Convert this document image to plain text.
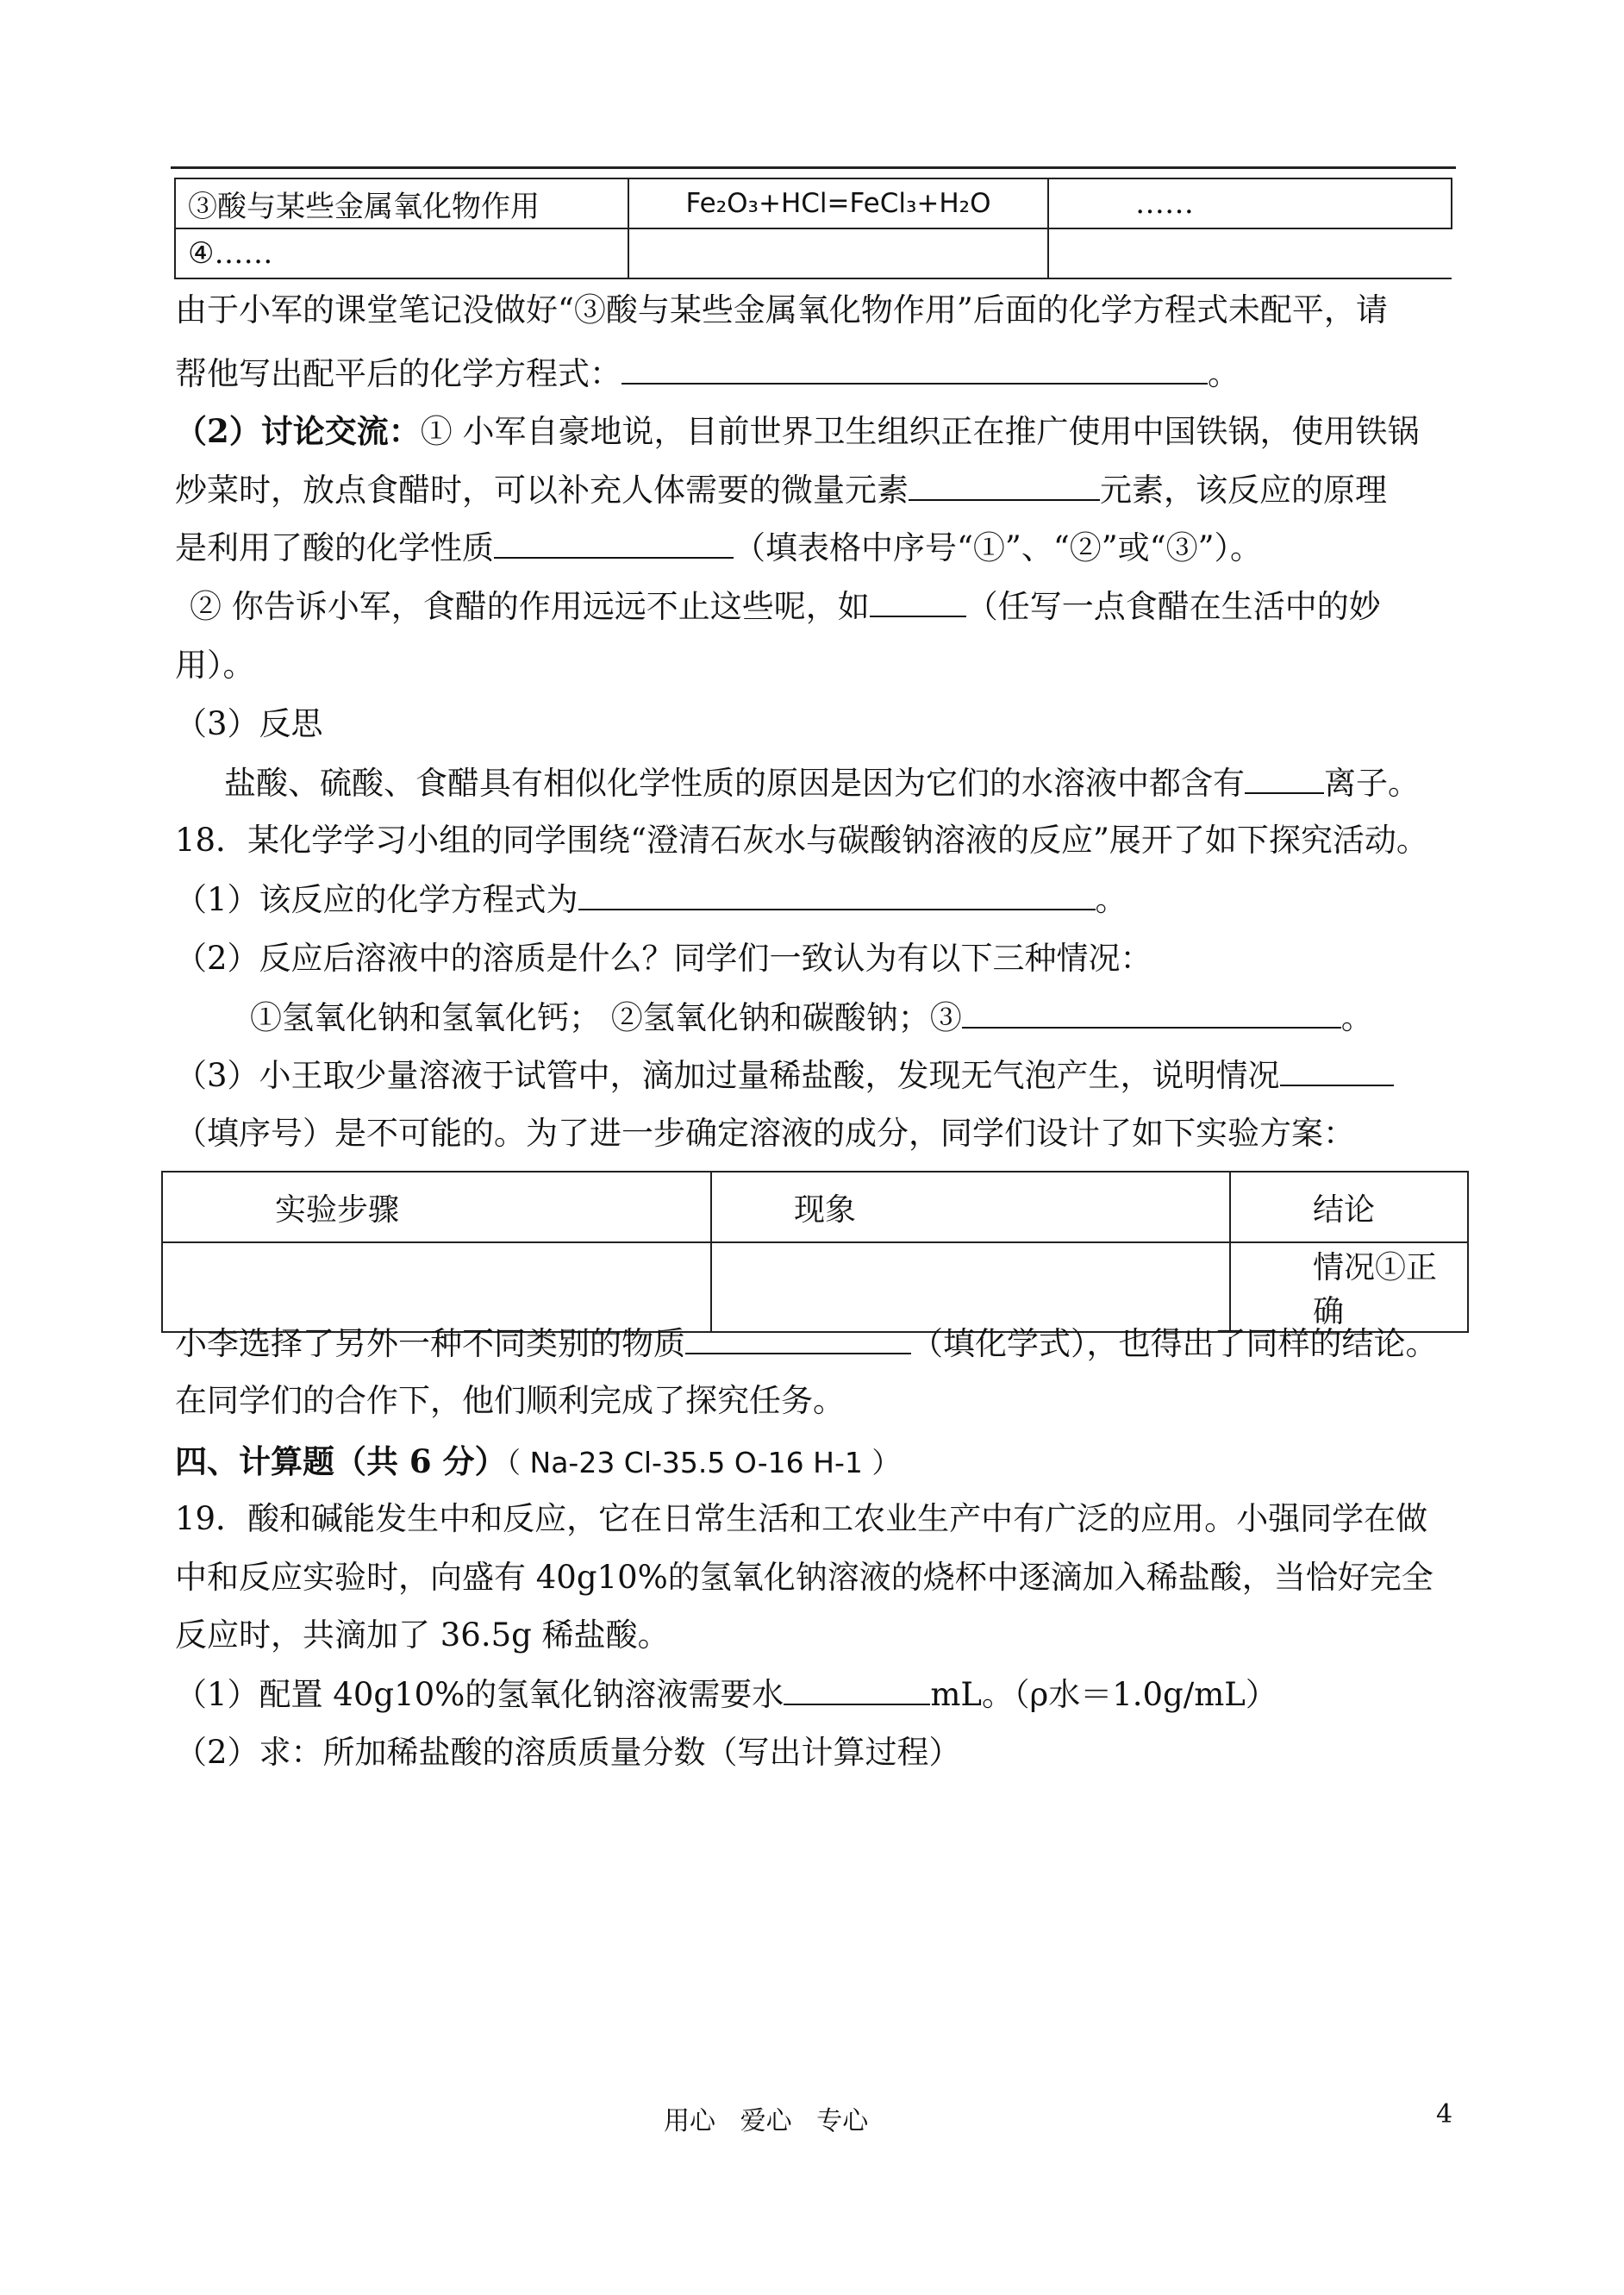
③酸与某些金属氧化物作用	Fe₂O₃+HCl=FeCl₃+H₂O	……
④……		
由于小军的课堂笔记没做好“③酸与某些金属氧化物作用”后面的化学方程式未配平，请
帮他写出配平后的化学方程式：	。
（2）讨论交流：① 小军自豪地说，目前世界卫生组织正在推广使用中国铁锅，使用铁锅
炒菜时，放点食醋时，可以补充人体需要的微量元素	元素，该反应的原理
是利用了酸的化学性质	（填表格中序号“①”、“②”或“③”）。
② 你告诉小军，食醋的作用远远不止这些呢，如	（任写一点食醋在生活中的妙
用）。
（3）反思
盐酸、硫酸、食醋具有相似化学性质的原因是因为它们的水溶液中都含有 离子。
18．某化学学习小组的同学围绕“澄清石灰水与碳酸钠溶液的反应”展开了如下探究活动。
（1）该反应的化学方程式为	。
（2）反应后溶液中的溶质是什么？同学们一致认为有以下三种情况：
①氢氧化钠和氢氧化钙； ②氢氧化钠和碳酸钠；③	。
（3）小王取少量溶液于试管中，滴加过量稀盐酸，发现无气泡产生，说明情况
（填序号）是不可能的。为了进一步确定溶液的成分，同学们设计了如下实验方案：
实验步骤	现象	结论
		情况①正确
小李选择了另外一种不同类别的物质	（填化学式），也得出了同样的结论。
在同学们的合作下，他们顺利完成了探究任务。
四、计算题（共 6 分）（ Na-23 Cl-35.5 O-16 H-1 ）
19．酸和碱能发生中和反应，它在日常生活和工农业生产中有广泛的应用。小强同学在做
中和反应实验时，向盛有 40g10%的氢氧化钠溶液的烧杯中逐滴加入稀盐酸，当恰好完全
反应时，共滴加了 36.5g 稀盐酸。
（1）配置 40g10%的氢氧化钠溶液需要水	mL。（ρ水＝1.0g/mL）
（2）求：所加稀盐酸的溶质质量分数（写出计算过程）
用心   爱心   专心	4
